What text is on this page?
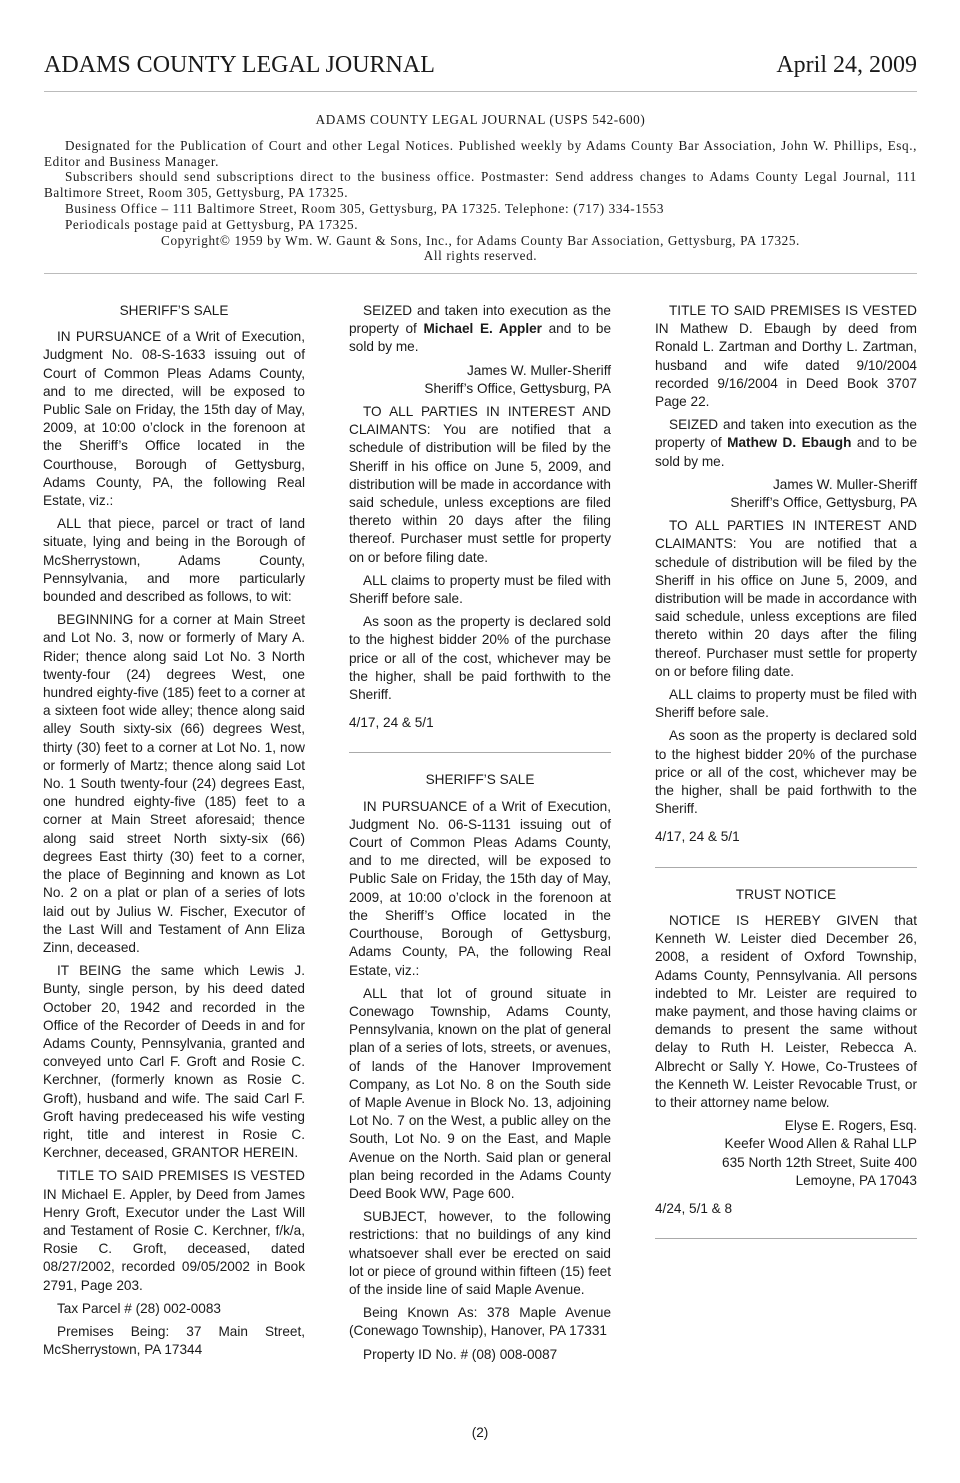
ADAMS COUNTY LEGAL JOURNAL	April 24, 2009
ADAMS COUNTY LEGAL JOURNAL (USPS 542-600)
Designated for the Publication of Court and other Legal Notices. Published weekly by Adams County Bar Association, John W. Phillips, Esq., Editor and Business Manager.
Subscribers should send subscriptions direct to the business office. Postmaster: Send address changes to Adams County Legal Journal, 111 Baltimore Street, Room 305, Gettysburg, PA 17325.
Business Office – 111 Baltimore Street, Room 305, Gettysburg, PA 17325. Telephone: (717) 334-1553
Periodicals postage paid at Gettysburg, PA 17325.
Copyright© 1959 by Wm. W. Gaunt & Sons, Inc., for Adams County Bar Association, Gettysburg, PA 17325.
All rights reserved.
SHERIFF’S SALE

IN PURSUANCE of a Writ of Execution, Judgment No. 08-S-1633 issuing out of Court of Common Pleas Adams County, and to me directed, will be exposed to Public Sale on Friday, the 15th day of May, 2009, at 10:00 o’clock in the forenoon at the Sheriff’s Office located in the Courthouse, Borough of Gettysburg, Adams County, PA, the following Real Estate, viz.:

ALL that piece, parcel or tract of land situate, lying and being in the Borough of McSherrystown, Adams County, Pennsylvania, and more particularly bounded and described as follows, to wit:

BEGINNING for a corner at Main Street and Lot No. 3, now or formerly of Mary A. Rider; thence along said Lot No. 3 North twenty-four (24) degrees West, one hundred eighty-five (185) feet to a corner at a sixteen foot wide alley; thence along said alley South sixty-six (66) degrees West, thirty (30) feet to a corner at Lot No. 1, now or formerly of Martz; thence along said Lot No. 1 South twenty-four (24) degrees East, one hundred eighty-five (185) feet to a corner at Main Street aforesaid; thence along said street North sixty-six (66) degrees East thirty (30) feet to a corner, the place of Beginning and known as Lot No. 2 on a plat or plan of a series of lots laid out by Julius W. Fischer, Executor of the Last Will and Testament of Ann Eliza Zinn, deceased.

IT BEING the same which Lewis J. Bunty, single person, by his deed dated October 20, 1942 and recorded in the Office of the Recorder of Deeds in and for Adams County, Pennsylvania, granted and conveyed unto Carl F. Groft and Rosie C. Kerchner, (formerly known as Rosie C. Groft), husband and wife. The said Carl F. Groft having predeceased his wife vesting right, title and interest in Rosie C. Kerchner, deceased, GRANTOR HEREIN.

TITLE TO SAID PREMISES IS VESTED IN Michael E. Appler, by Deed from James Henry Groft, Executor under the Last Will and Testament of Rosie C. Kerchner, f/k/a, Rosie C. Groft, deceased, dated 08/27/2002, recorded 09/05/2002 in Book 2791, Page 203.

Tax Parcel # (28) 002-0083

Premises Being: 37 Main Street, McSherrystown, PA 17344

SEIZED and taken into execution as the property of Michael E. Appler and to be sold by me.

James W. Muller-Sheriff
Sheriff’s Office, Gettysburg, PA

TO ALL PARTIES IN INTEREST AND CLAIMANTS: You are notified that a schedule of distribution will be filed by the Sheriff in his office on June 5, 2009, and distribution will be made in accordance with said schedule, unless exceptions are filed thereto within 20 days after the filing thereof. Purchaser must settle for property on or before filing date.

ALL claims to property must be filed with Sheriff before sale.

As soon as the property is declared sold to the highest bidder 20% of the purchase price or all of the cost, whichever may be the higher, shall be paid forthwith to the Sheriff.

4/17, 24 & 5/1

SHERIFF’S SALE

IN PURSUANCE of a Writ of Execution, Judgment No. 06-S-1131 issuing out of Court of Common Pleas Adams County, and to me directed, will be exposed to Public Sale on Friday, the 15th day of May, 2009, at 10:00 o’clock in the forenoon at the Sheriff’s Office located in the Courthouse, Borough of Gettysburg, Adams County, PA, the following Real Estate, viz.:

ALL that lot of ground situate in Conewago Township, Adams County, Pennsylvania, known on the plat of general plan of a series of lots, streets, or avenues, of lands of the Hanover Improvement Company, as Lot No. 8 on the South side of Maple Avenue in Block No. 13, adjoining Lot No. 7 on the West, a public alley on the South, Lot No. 9 on the East, and Maple Avenue on the North. Said plan or general plan being recorded in the Adams County Deed Book WW, Page 600.

SUBJECT, however, to the following restrictions: that no buildings of any kind whatsoever shall ever be erected on said lot or piece of ground within fifteen (15) feet of the inside line of said Maple Avenue.

Being Known As: 378 Maple Avenue (Conewago Township), Hanover, PA 17331

Property ID No. # (08) 008-0087

TITLE TO SAID PREMISES IS VESTED IN Mathew D. Ebaugh by deed from Ronald L. Zartman and Dorthy L. Zartman, husband and wife dated 9/10/2004 recorded 9/16/2004 in Deed Book 3707 Page 22.

SEIZED and taken into execution as the property of Mathew D. Ebaugh and to be sold by me.

James W. Muller-Sheriff
Sheriff’s Office, Gettysburg, PA

TO ALL PARTIES IN INTEREST AND CLAIMANTS: You are notified that a schedule of distribution will be filed by the Sheriff in his office on June 5, 2009, and distribution will be made in accordance with said schedule, unless exceptions are filed thereto within 20 days after the filing thereof. Purchaser must settle for property on or before filing date.

ALL claims to property must be filed with Sheriff before sale.

As soon as the property is declared sold to the highest bidder 20% of the purchase price or all of the cost, whichever may be the higher, shall be paid forthwith to the Sheriff.

4/17, 24 & 5/1

TRUST NOTICE

NOTICE IS HEREBY GIVEN that Kenneth W. Leister died December 26, 2008, a resident of Oxford Township, Adams County, Pennsylvania. All persons indebted to Mr. Leister are required to make payment, and those having claims or demands to present the same without delay to Ruth H. Leister, Rebecca A. Albrecht or Sally Y. Howe, Co-Trustees of the Kenneth W. Leister Revocable Trust, or to their attorney name below.

Elyse E. Rogers, Esq.
Keefer Wood Allen & Rahal LLP
635 North 12th Street, Suite 400
Lemoyne, PA 17043

4/24, 5/1 & 8

(2)
